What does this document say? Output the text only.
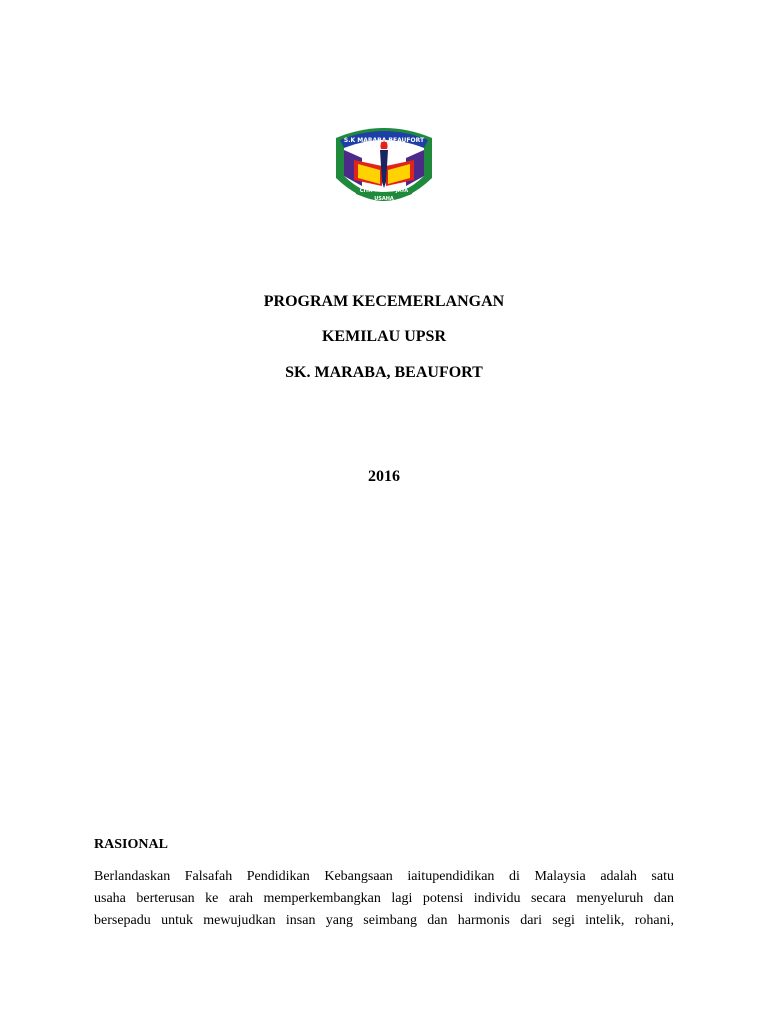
S.K MARABA BEAUFORT
CITA	JAYA
USAHA
PROGRAM KECEMERLANGAN
KEMILAU UPSR
SK. MARABA, BEAUFORT
2016
RASIONAL
Berlandaskan Falsafah Pendidikan Kebangsaan iaitupendidikan di Malaysia adalah satu
usaha berterusan ke arah memperkembangkan lagi potensi individu secara menyeluruh dan
bersepadu untuk mewujudkan insan yang seimbang dan harmonis dari segi intelik, rohani,
